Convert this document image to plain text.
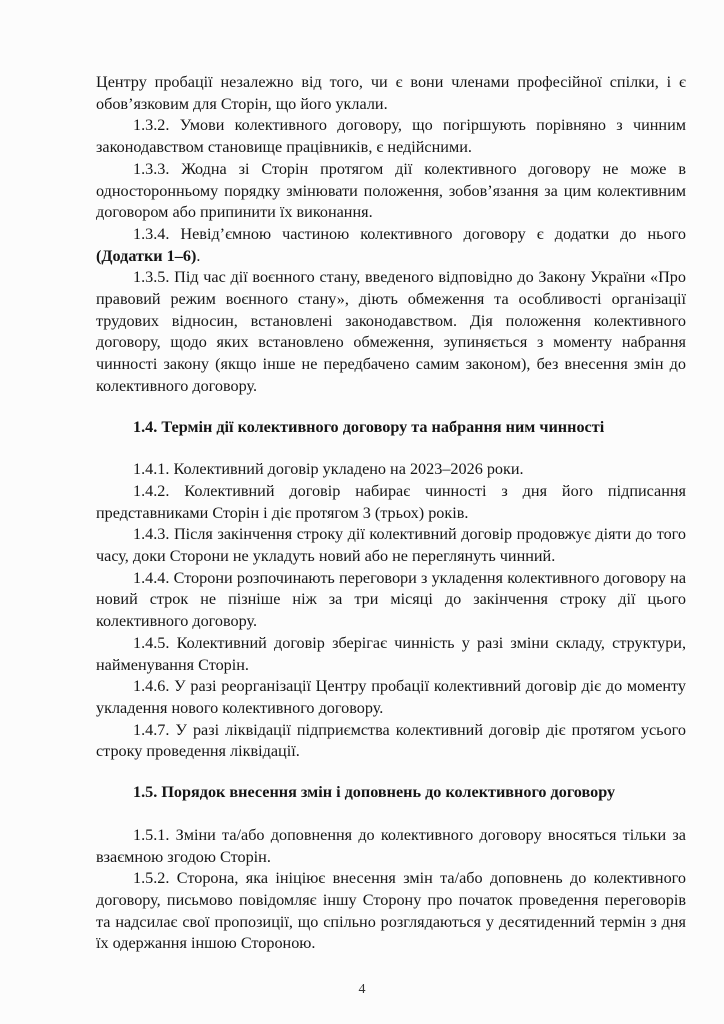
Центру пробації незалежно від того, чи є вони членами професійної спілки, і є обов’язковим для Сторін, що його уклали.

1.3.2. Умови колективного договору, що погіршують порівняно з чинним законодавством становище працівників, є недійсними.

1.3.3. Жодна зі Сторін протягом дії колективного договору не може в односторонньому порядку змінювати положення, зобов’язання за цим колективним договором або припинити їх виконання.

1.3.4. Невід’ємною частиною колективного договору є додатки до нього (Додатки 1–6).

1.3.5. Під час дії воєнного стану, введеного відповідно до Закону України «Про правовий режим воєнного стану», діють обмеження та особливості організації трудових відносин, встановлені законодавством. Дія положення колективного договору, щодо яких встановлено обмеження, зупиняється з моменту набрання чинності закону (якщо інше не передбачено самим законом), без внесення змін до колективного договору.

1.4. Термін дії колективного договору та набрання ним чинності

1.4.1. Колективний договір укладено на 2023–2026 роки.

1.4.2. Колективний договір набирає чинності з дня його підписання представниками Сторін і діє протягом 3 (трьох) років.

1.4.3. Після закінчення строку дії колективний договір продовжує діяти до того часу, доки Сторони не укладуть новий або не переглянуть чинний.

1.4.4. Сторони розпочинають переговори з укладення колективного договору на новий строк не пізніше ніж за три місяці до закінчення строку дії цього колективного договору.

1.4.5. Колективний договір зберігає чинність у разі зміни складу, структури, найменування Сторін.

1.4.6. У разі реорганізації Центру пробації колективний договір діє до моменту укладення нового колективного договору.

1.4.7. У разі ліквідації підприємства колективний договір діє протягом усього строку проведення ліквідації.

1.5. Порядок внесення змін і доповнень до колективного договору

1.5.1. Зміни та/або доповнення до колективного договору вносяться тільки за взаємною згодою Сторін.

1.5.2. Сторона, яка ініціює внесення змін та/або доповнень до колективного договору, письмово повідомляє іншу Сторону про початок проведення переговорів та надсилає свої пропозиції, що спільно розглядаються у десятиденний термін з дня їх одержання іншою Стороною.

4
